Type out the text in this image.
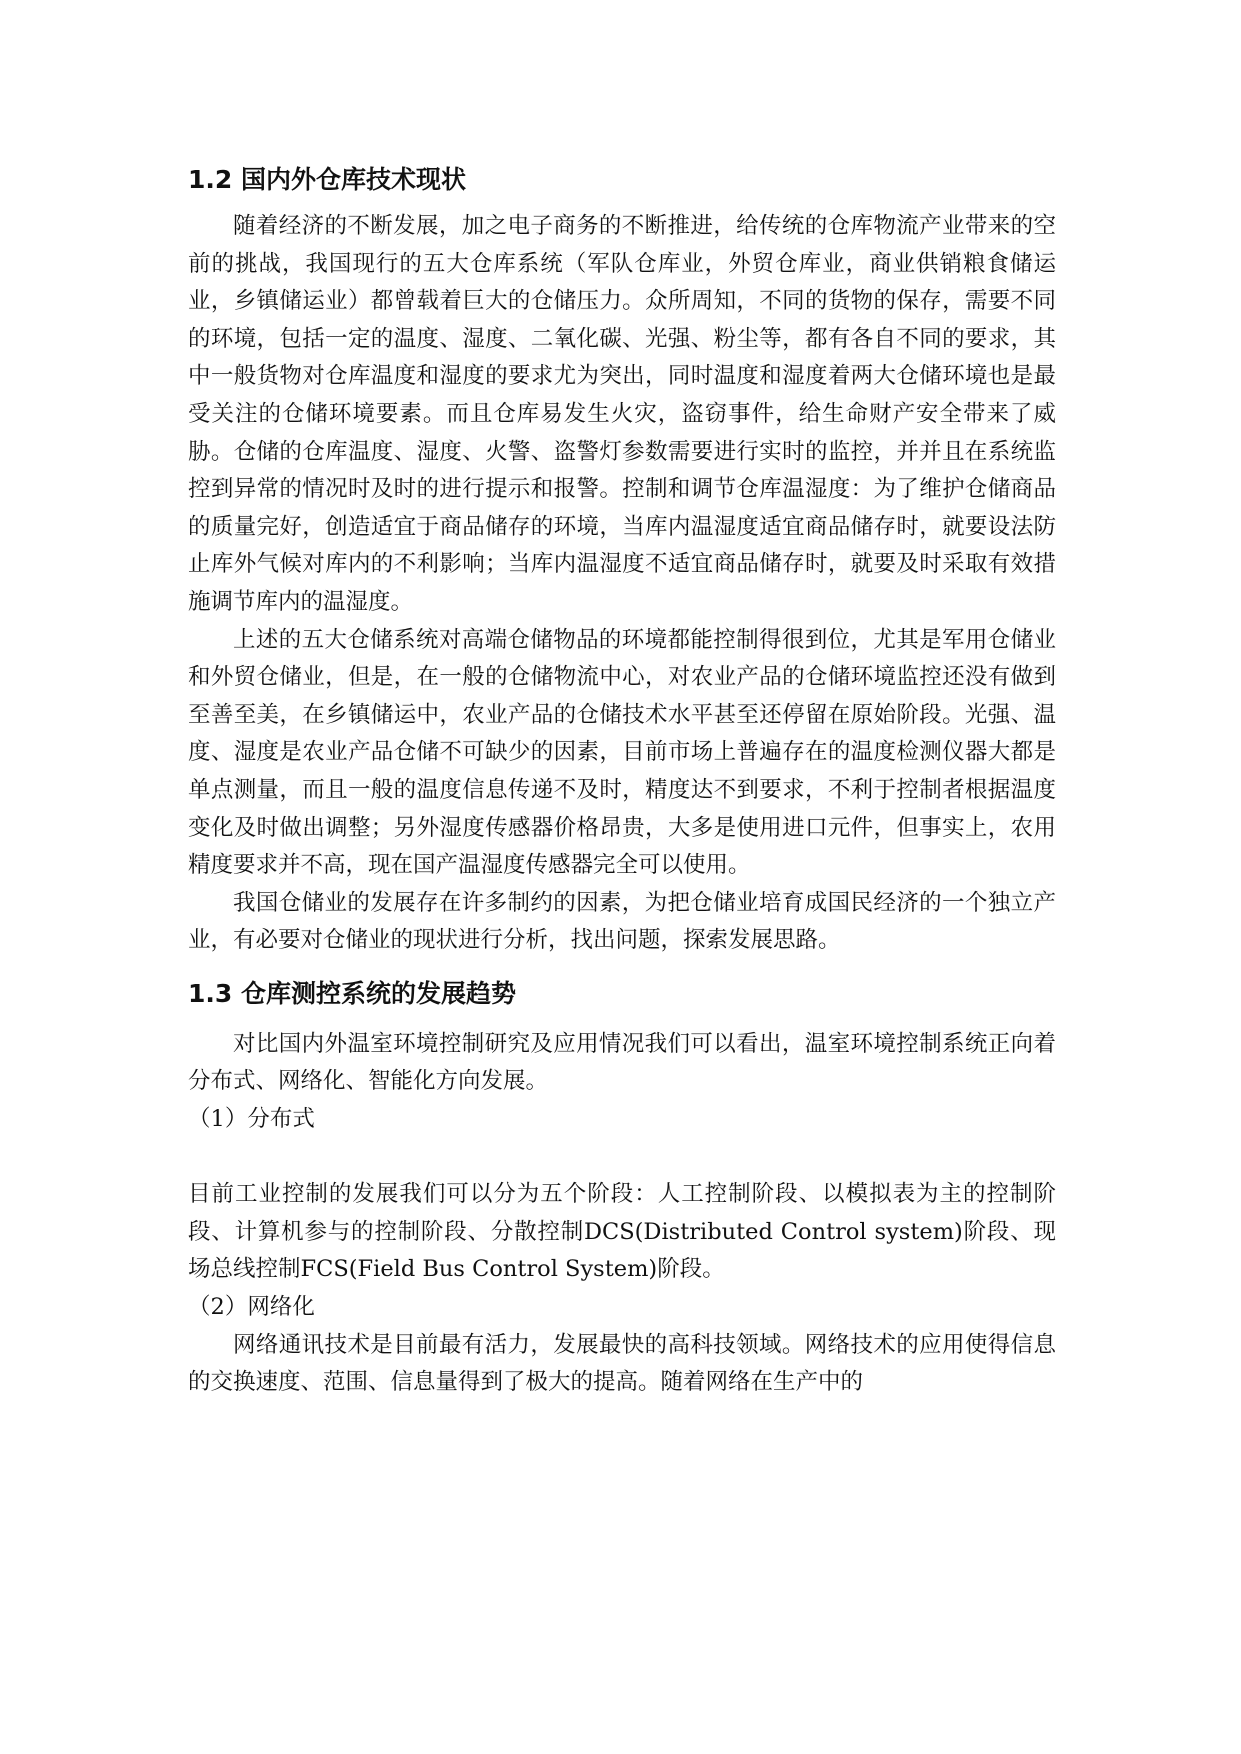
1.2 国内外仓库技术现状

随着经济的不断发展，加之电子商务的不断推进，给传统的仓库物流产业带来的空前的挑战，我国现行的五大仓库系统（军队仓库业，外贸仓库业，商业供销粮食储运业，乡镇储运业）都曾载着巨大的仓储压力。众所周知，不同的货物的保存，需要不同的环境，包括一定的温度、湿度、二氧化碳、光强、粉尘等，都有各自不同的要求，其中一般货物对仓库温度和湿度的要求尤为突出，同时温度和湿度着两大仓储环境也是最受关注的仓储环境要素。而且仓库易发生火灾，盗窃事件，给生命财产安全带来了威胁。仓储的仓库温度、湿度、火警、盗警灯参数需要进行实时的监控，并并且在系统监控到异常的情况时及时的进行提示和报警。控制和调节仓库温湿度：为了维护仓储商品的质量完好，创造适宜于商品储存的环境，当库内温湿度适宜商品储存时，就要设法防止库外气候对库内的不利影响；当库内温湿度不适宜商品储存时，就要及时采取有效措施调节库内的温湿度。

上述的五大仓储系统对高端仓储物品的环境都能控制得很到位，尤其是军用仓储业和外贸仓储业，但是，在一般的仓储物流中心，对农业产品的仓储环境监控还没有做到至善至美，在乡镇储运中，农业产品的仓储技术水平甚至还停留在原始阶段。光强、温度、湿度是农业产品仓储不可缺少的因素，目前市场上普遍存在的温度检测仪器大都是单点测量，而且一般的温度信息传递不及时，精度达不到要求，不利于控制者根据温度变化及时做出调整；另外湿度传感器价格昂贵，大多是使用进口元件，但事实上，农用精度要求并不高，现在国产温湿度传感器完全可以使用。

我国仓储业的发展存在许多制约的因素，为把仓储业培育成国民经济的一个独立产业，有必要对仓储业的现状进行分析，找出问题，探索发展思路。

1.3 仓库测控系统的发展趋势

对比国内外温室环境控制研究及应用情况我们可以看出，温室环境控制系统正向着分布式、网络化、智能化方向发展。

（1）分布式

目前工业控制的发展我们可以分为五个阶段：人工控制阶段、以模拟表为主的控制阶段、计算机参与的控制阶段、分散控制DCS(Distributed Control system)阶段、现场总线控制FCS(Field Bus Control System)阶段。

（2）网络化

网络通讯技术是目前最有活力，发展最快的高科技领域。网络技术的应用使得信息的交换速度、范围、信息量得到了极大的提高。随着网络在生产中的
